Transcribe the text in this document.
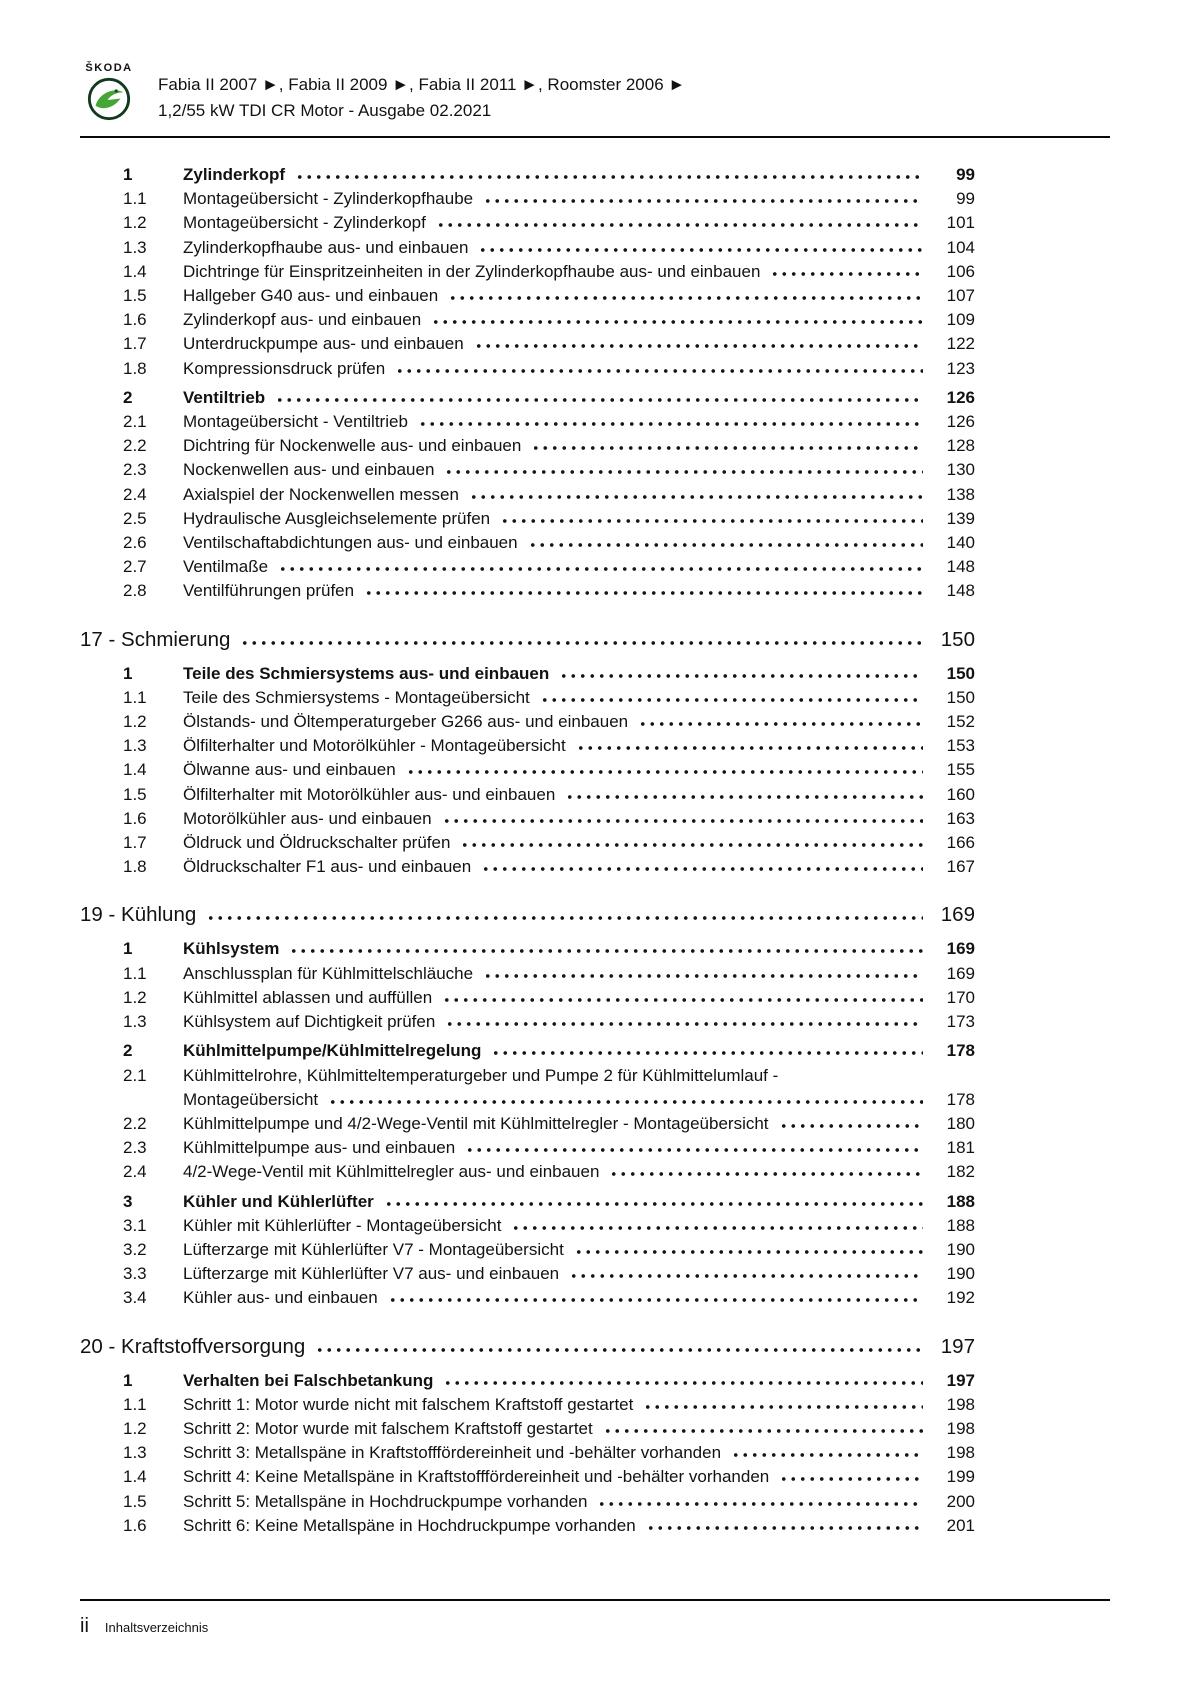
ŠKODA
Fabia II 2007 ►, Fabia II 2009 ►, Fabia II 2011 ►, Roomster 2006 ►
1,2/55 kW TDI CR Motor - Ausgabe 02.2021
1	Zylinderkopf	99
1.1	Montageübersicht - Zylinderkopfhaube	99
1.2	Montageübersicht - Zylinderkopf	101
1.3	Zylinderkopfhaube aus- und einbauen	104
1.4	Dichtringe für Einspritzeinheiten in der Zylinderkopfhaube aus- und einbauen	106
1.5	Hallgeber G40 aus- und einbauen	107
1.6	Zylinderkopf aus- und einbauen	109
1.7	Unterdruckpumpe aus- und einbauen	122
1.8	Kompressionsdruck prüfen	123
2	Ventiltrieb	126
2.1	Montageübersicht - Ventiltrieb	126
2.2	Dichtring für Nockenwelle aus- und einbauen	128
2.3	Nockenwellen aus- und einbauen	130
2.4	Axialspiel der Nockenwellen messen	138
2.5	Hydraulische Ausgleichselemente prüfen	139
2.6	Ventilschaftabdichtungen aus- und einbauen	140
2.7	Ventilmaße	148
2.8	Ventilführungen prüfen	148
17 - Schmierung	150
1	Teile des Schmiersystems aus- und einbauen	150
1.1	Teile des Schmiersystems - Montageübersicht	150
1.2	Ölstands- und Öltemperaturgeber G266 aus- und einbauen	152
1.3	Ölfilterhalter und Motorölkühler - Montageübersicht	153
1.4	Ölwanne aus- und einbauen	155
1.5	Ölfilterhalter mit Motorölkühler aus- und einbauen	160
1.6	Motorölkühler aus- und einbauen	163
1.7	Öldruck und Öldruckschalter prüfen	166
1.8	Öldruckschalter F1 aus- und einbauen	167
19 - Kühlung	169
1	Kühlsystem	169
1.1	Anschlussplan für Kühlmittelschläuche	169
1.2	Kühlmittel ablassen und auffüllen	170
1.3	Kühlsystem auf Dichtigkeit prüfen	173
2	Kühlmittelpumpe/Kühlmittelregelung	178
2.1	Kühlmittelrohre, Kühlmitteltemperaturgeber und Pumpe 2 für Kühlmittelumlauf -
Montageübersicht	178
2.2	Kühlmittelpumpe und 4/2-Wege-Ventil mit Kühlmittelregler - Montageübersicht	180
2.3	Kühlmittelpumpe aus- und einbauen	181
2.4	4/2-Wege-Ventil mit Kühlmittelregler aus- und einbauen	182
3	Kühler und Kühlerlüfter	188
3.1	Kühler mit Kühlerlüfter - Montageübersicht	188
3.2	Lüfterzarge mit Kühlerlüfter V7 - Montageübersicht	190
3.3	Lüfterzarge mit Kühlerlüfter V7 aus- und einbauen	190
3.4	Kühler aus- und einbauen	192
20 - Kraftstoffversorgung	197
1	Verhalten bei Falschbetankung	197
1.1	Schritt 1: Motor wurde nicht mit falschem Kraftstoff gestartet	198
1.2	Schritt 2: Motor wurde mit falschem Kraftstoff gestartet	198
1.3	Schritt 3: Metallspäne in Kraftstofffördereinheit und -behälter vorhanden	198
1.4	Schritt 4: Keine Metallspäne in Kraftstofffördereinheit und -behälter vorhanden	199
1.5	Schritt 5: Metallspäne in Hochdruckpumpe vorhanden	200
1.6	Schritt 6: Keine Metallspäne in Hochdruckpumpe vorhanden	201
ii Inhaltsverzeichnis
